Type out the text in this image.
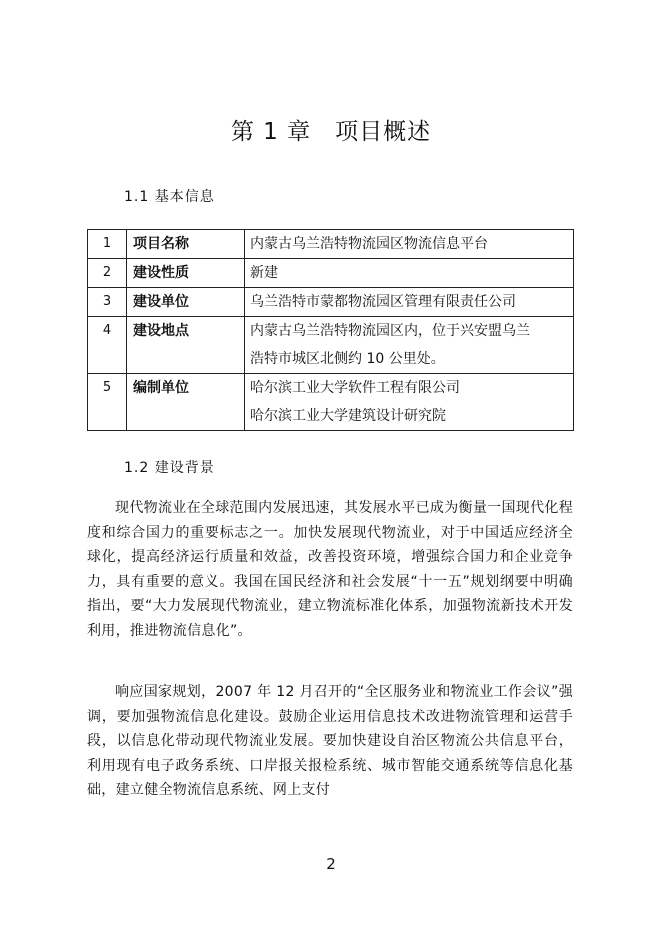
第 1 章　项目概述
1.1 基本信息
1	项目名称	内蒙古乌兰浩特物流园区物流信息平台

2	建设性质	新建

3	建设单位	乌兰浩特市蒙都物流园区管理有限责任公司

4	建设地点	内蒙古乌兰浩特物流园区内，位于兴安盟乌兰
浩特市城区北侧约 10 公里处。

5	编制单位	哈尔滨工业大学软件工程有限公司
哈尔滨工业大学建筑设计研究院
1.2 建设背景

现代物流业在全球范围内发展迅速，其发展水平已成为衡量一国现代化程度和综合国力的重要标志之一。加快发展现代物流业，对于中国适应经济全球化，提高经济运行质量和效益，改善投资环境，增强综合国力和企业竞争力，具有重要的意义。我国在国民经济和社会发展“十一五”规划纲要中明确指出，要“大力发展现代物流业，建立物流标准化体系，加强物流新技术开发利用，推进物流信息化”。

响应国家规划，2007 年 12 月召开的“全区服务业和物流业工作会议”强调，要加强物流信息化建设。鼓励企业运用信息技术改进物流管理和运营手段，以信息化带动现代物流业发展。要加快建设自治区物流公共信息平台，利用现有电子政务系统、口岸报关报检系统、城市智能交通系统等信息化基础，建立健全物流信息系统、网上支付

2
